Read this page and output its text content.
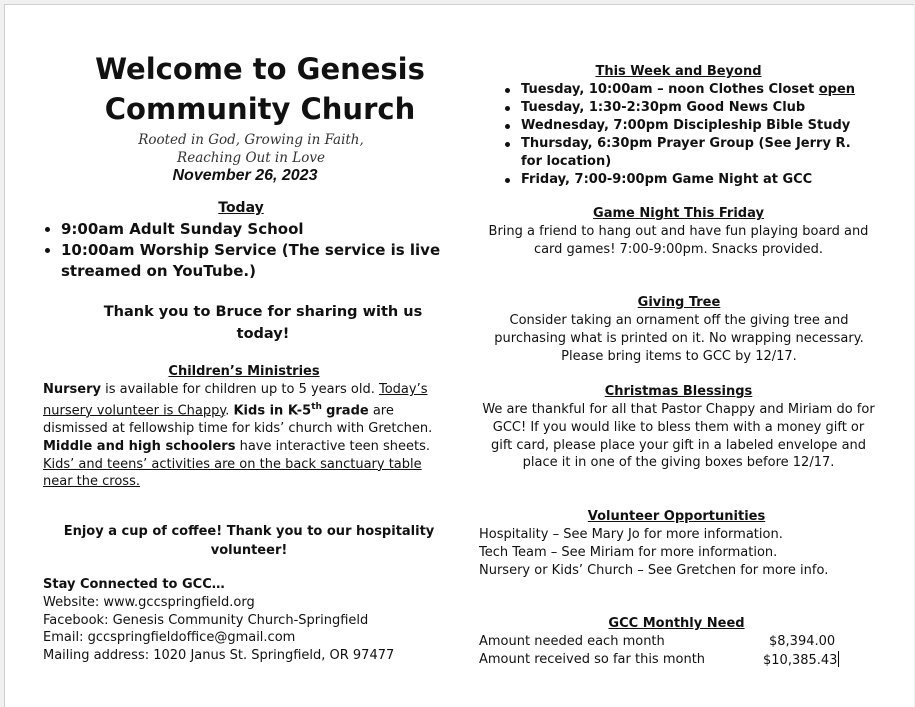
Welcome to Genesis
Community Church
Rooted in God, Growing in Faith,
Reaching Out in Love
November 26, 2023
Today
9:00am Adult Sunday School
10:00am Worship Service (The service is live streamed on YouTube.)
Thank you to Bruce for sharing with us today!
Children’s Ministries
Nursery is available for children up to 5 years old. Today’s nursery volunteer is Chappy. Kids in K-5th grade are dismissed at fellowship time for kids’ church with Gretchen. Middle and high schoolers have interactive teen sheets. Kids’ and teens’ activities are on the back sanctuary table near the cross.
Enjoy a cup of coffee! Thank you to our hospitality volunteer!
Stay Connected to GCC…
Website: www.gccspringfield.org
Facebook: Genesis Community Church-Springfield
Email: gccspringfieldoffice@gmail.com
Mailing address: 1020 Janus St. Springfield, OR 97477
This Week and Beyond
Tuesday, 10:00am – noon Clothes Closet open
Tuesday, 1:30-2:30pm Good News Club
Wednesday, 7:00pm Discipleship Bible Study
Thursday, 6:30pm Prayer Group (See Jerry R. for location)
Friday, 7:00-9:00pm Game Night at GCC
Game Night This Friday
Bring a friend to hang out and have fun playing board and card games! 7:00-9:00pm. Snacks provided.
Giving Tree
Consider taking an ornament off the giving tree and purchasing what is printed on it. No wrapping necessary. Please bring items to GCC by 12/17.
Christmas Blessings
We are thankful for all that Pastor Chappy and Miriam do for GCC! If you would like to bless them with a money gift or gift card, please place your gift in a labeled envelope and place it in one of the giving boxes before 12/17.
Volunteer Opportunities
Hospitality – See Mary Jo for more information.
Tech Team – See Miriam for more information.
Nursery or Kids’ Church – See Gretchen for more info.
GCC Monthly Need
Amount needed each month	$8,394.00
Amount received so far this month	$10,385.43
